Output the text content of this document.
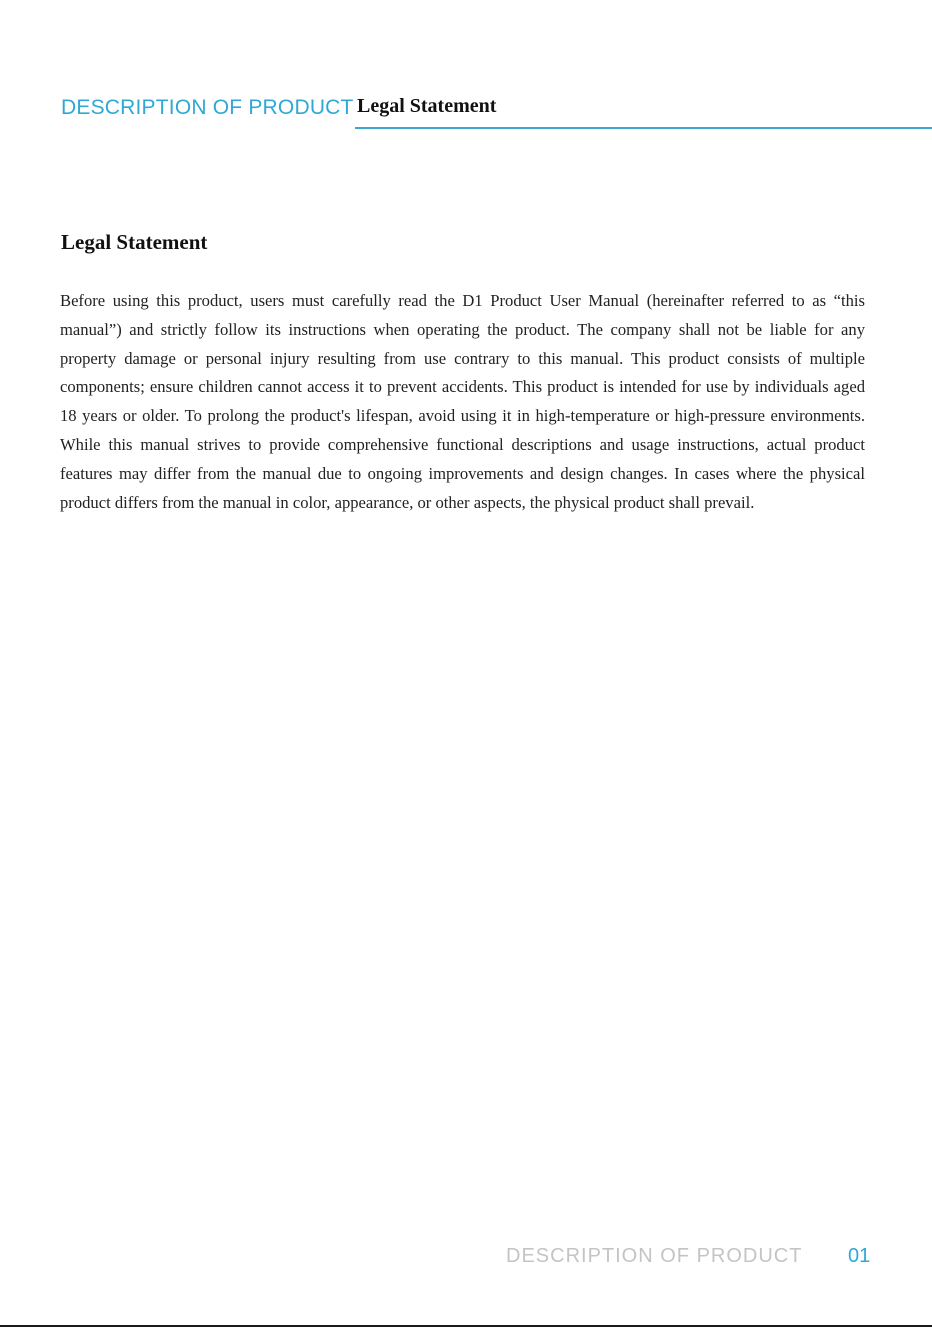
DESCRIPTION OF PRODUCT Legal Statement
Legal Statement

Before using this product, users must carefully read the D1 Product User Manual (hereinafter referred to as “this manual”) and strictly follow its instructions when operating the product. The company shall not be liable for any property damage or personal injury resulting from use contrary to this manual. This product consists of multiple components; ensure children cannot access it to prevent accidents. This product is intended for use by individuals aged 18 years or older. To prolong the product's lifespan, avoid using it in high-temperature or high-pressure environments. While this manual strives to provide comprehensive functional descriptions and usage instructions, actual product features may differ from the manual due to ongoing improvements and design changes. In cases where the physical product differs from the manual in color, appearance, or other aspects, the physical product shall prevail.

DESCRIPTION OF PRODUCT 01
